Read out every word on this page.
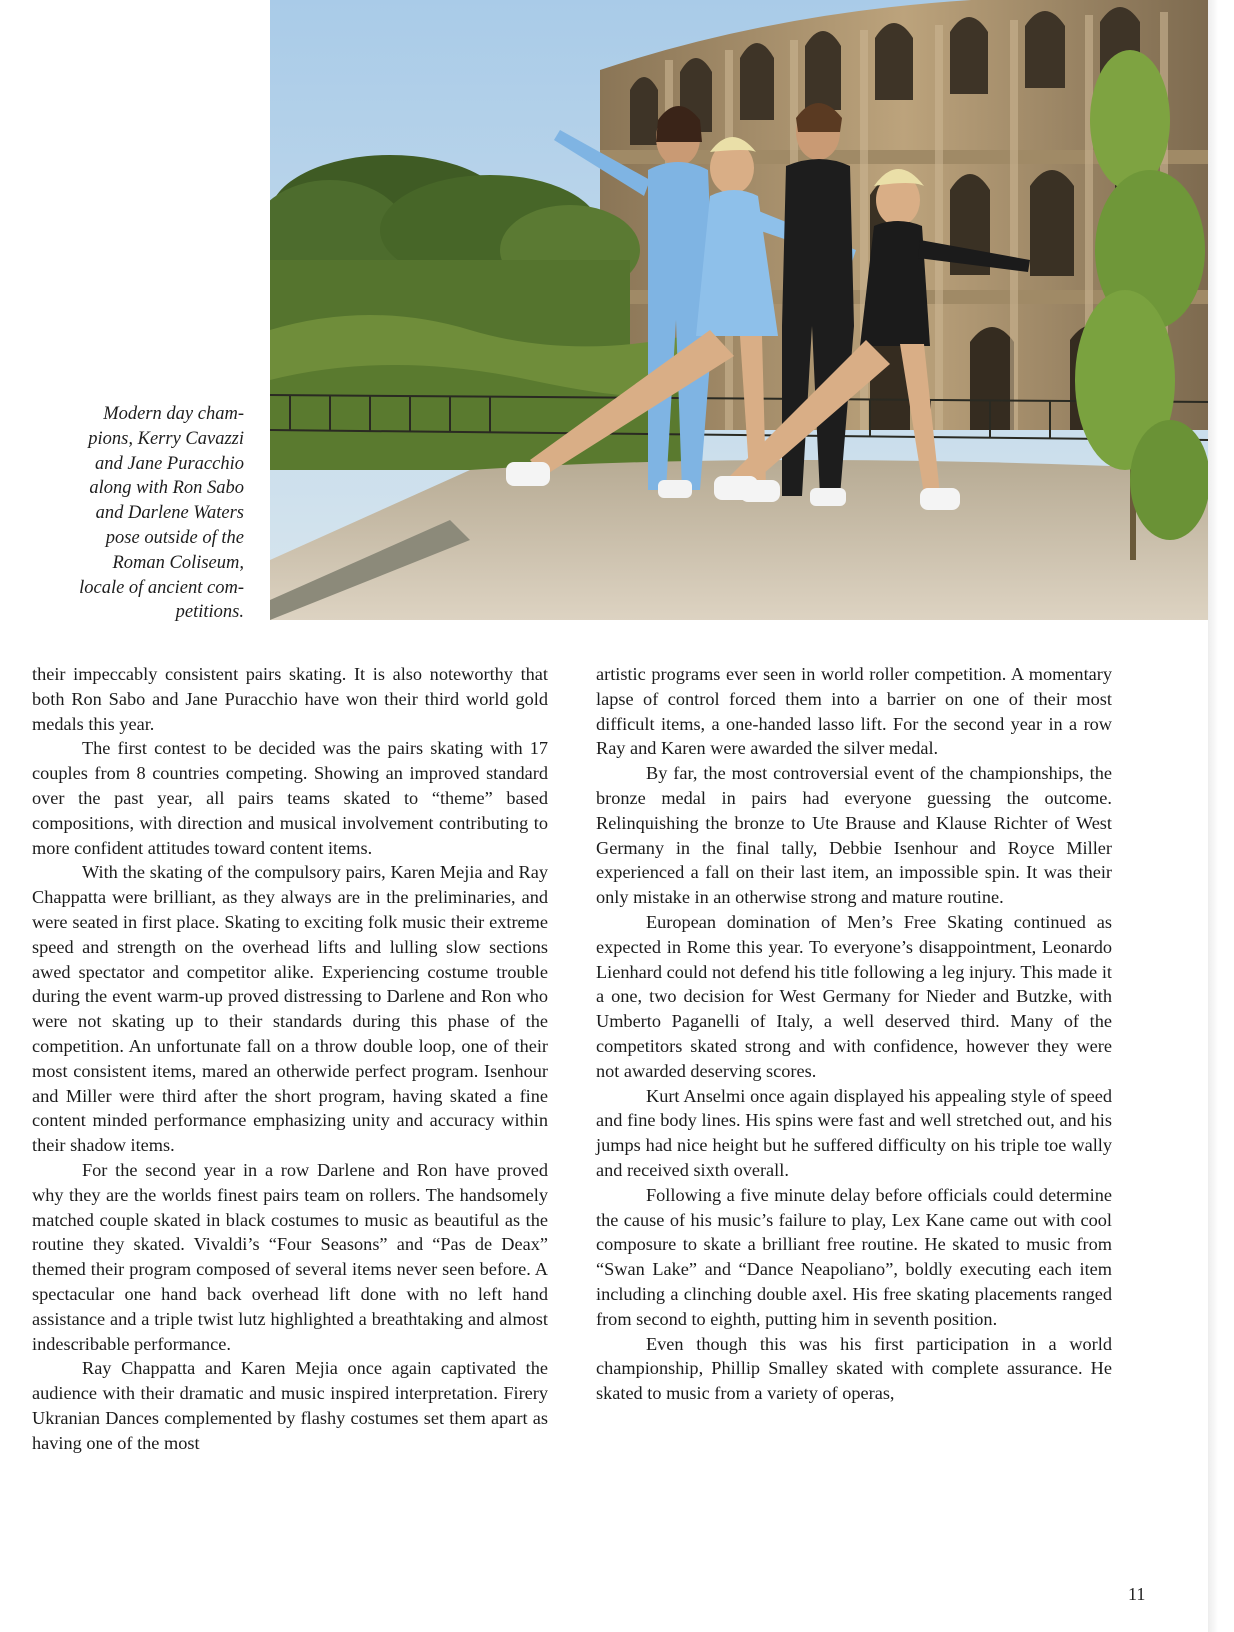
Modern day cham-
pions, Kerry Cavazzi
and Jane Puracchio
along with Ron Sabo
and Darlene Waters
pose outside of the
Roman Coliseum,
locale of ancient com-
petitions.

their impeccably consistent pairs skating. It is also noteworthy that both Ron Sabo and Jane Puracchio have won their third world gold medals this year.

The first contest to be decided was the pairs skating with 17 couples from 8 countries competing. Showing an improved standard over the past year, all pairs teams skated to “theme” based compositions, with direction and musical involvement contributing to more confident attitudes toward content items.

With the skating of the compulsory pairs, Karen Mejia and Ray Chappatta were brilliant, as they always are in the preliminaries, and were seated in first place. Skating to exciting folk music their extreme speed and strength on the overhead lifts and lulling slow sections awed spectator and competitor alike. Experiencing costume trouble during the event warm-up proved distressing to Darlene and Ron who were not skating up to their standards during this phase of the competition. An unfortunate fall on a throw double loop, one of their most consistent items, mared an otherwide perfect program. Isenhour and Miller were third after the short program, having skated a fine content minded performance emphasizing unity and accuracy within their shadow items.

For the second year in a row Darlene and Ron have proved why they are the worlds finest pairs team on rollers. The handsomely matched couple skated in black costumes to music as beautiful as the routine they skated. Vivaldi’s “Four Seasons” and “Pas de Deax” themed their program composed of several items never seen before. A spectacular one hand back overhead lift done with no left hand assistance and a triple twist lutz highlighted a breathtaking and almost indescribable performance.

Ray Chappatta and Karen Mejia once again captivated the audience with their dramatic and music inspired interpretation. Firery Ukranian Dances complemented by flashy costumes set them apart as having one of the most

artistic programs ever seen in world roller competition. A momentary lapse of control forced them into a barrier on one of their most difficult items, a one-handed lasso lift. For the second year in a row Ray and Karen were awarded the silver medal.

By far, the most controversial event of the championships, the bronze medal in pairs had everyone guessing the outcome. Relinquishing the bronze to Ute Brause and Klause Richter of West Germany in the final tally, Debbie Isenhour and Royce Miller experienced a fall on their last item, an impossible spin. It was their only mistake in an otherwise strong and mature routine.

European domination of Men’s Free Skating continued as expected in Rome this year. To everyone’s disappointment, Leonardo Lienhard could not defend his title following a leg injury. This made it a one, two decision for West Germany for Nieder and Butzke, with Umberto Paganelli of Italy, a well deserved third. Many of the competitors skated strong and with confidence, however they were not awarded deserving scores.

Kurt Anselmi once again displayed his appealing style of speed and fine body lines. His spins were fast and well stretched out, and his jumps had nice height but he suffered difficulty on his triple toe wally and received sixth overall.

Following a five minute delay before officials could determine the cause of his music’s failure to play, Lex Kane came out with cool composure to skate a brilliant free routine. He skated to music from “Swan Lake” and “Dance Neapoliano”, boldly executing each item including a clinching double axel. His free skating placements ranged from second to eighth, putting him in seventh position.

Even though this was his first participation in a world championship, Phillip Smalley skated with complete assurance. He skated to music from a variety of operas,

11
